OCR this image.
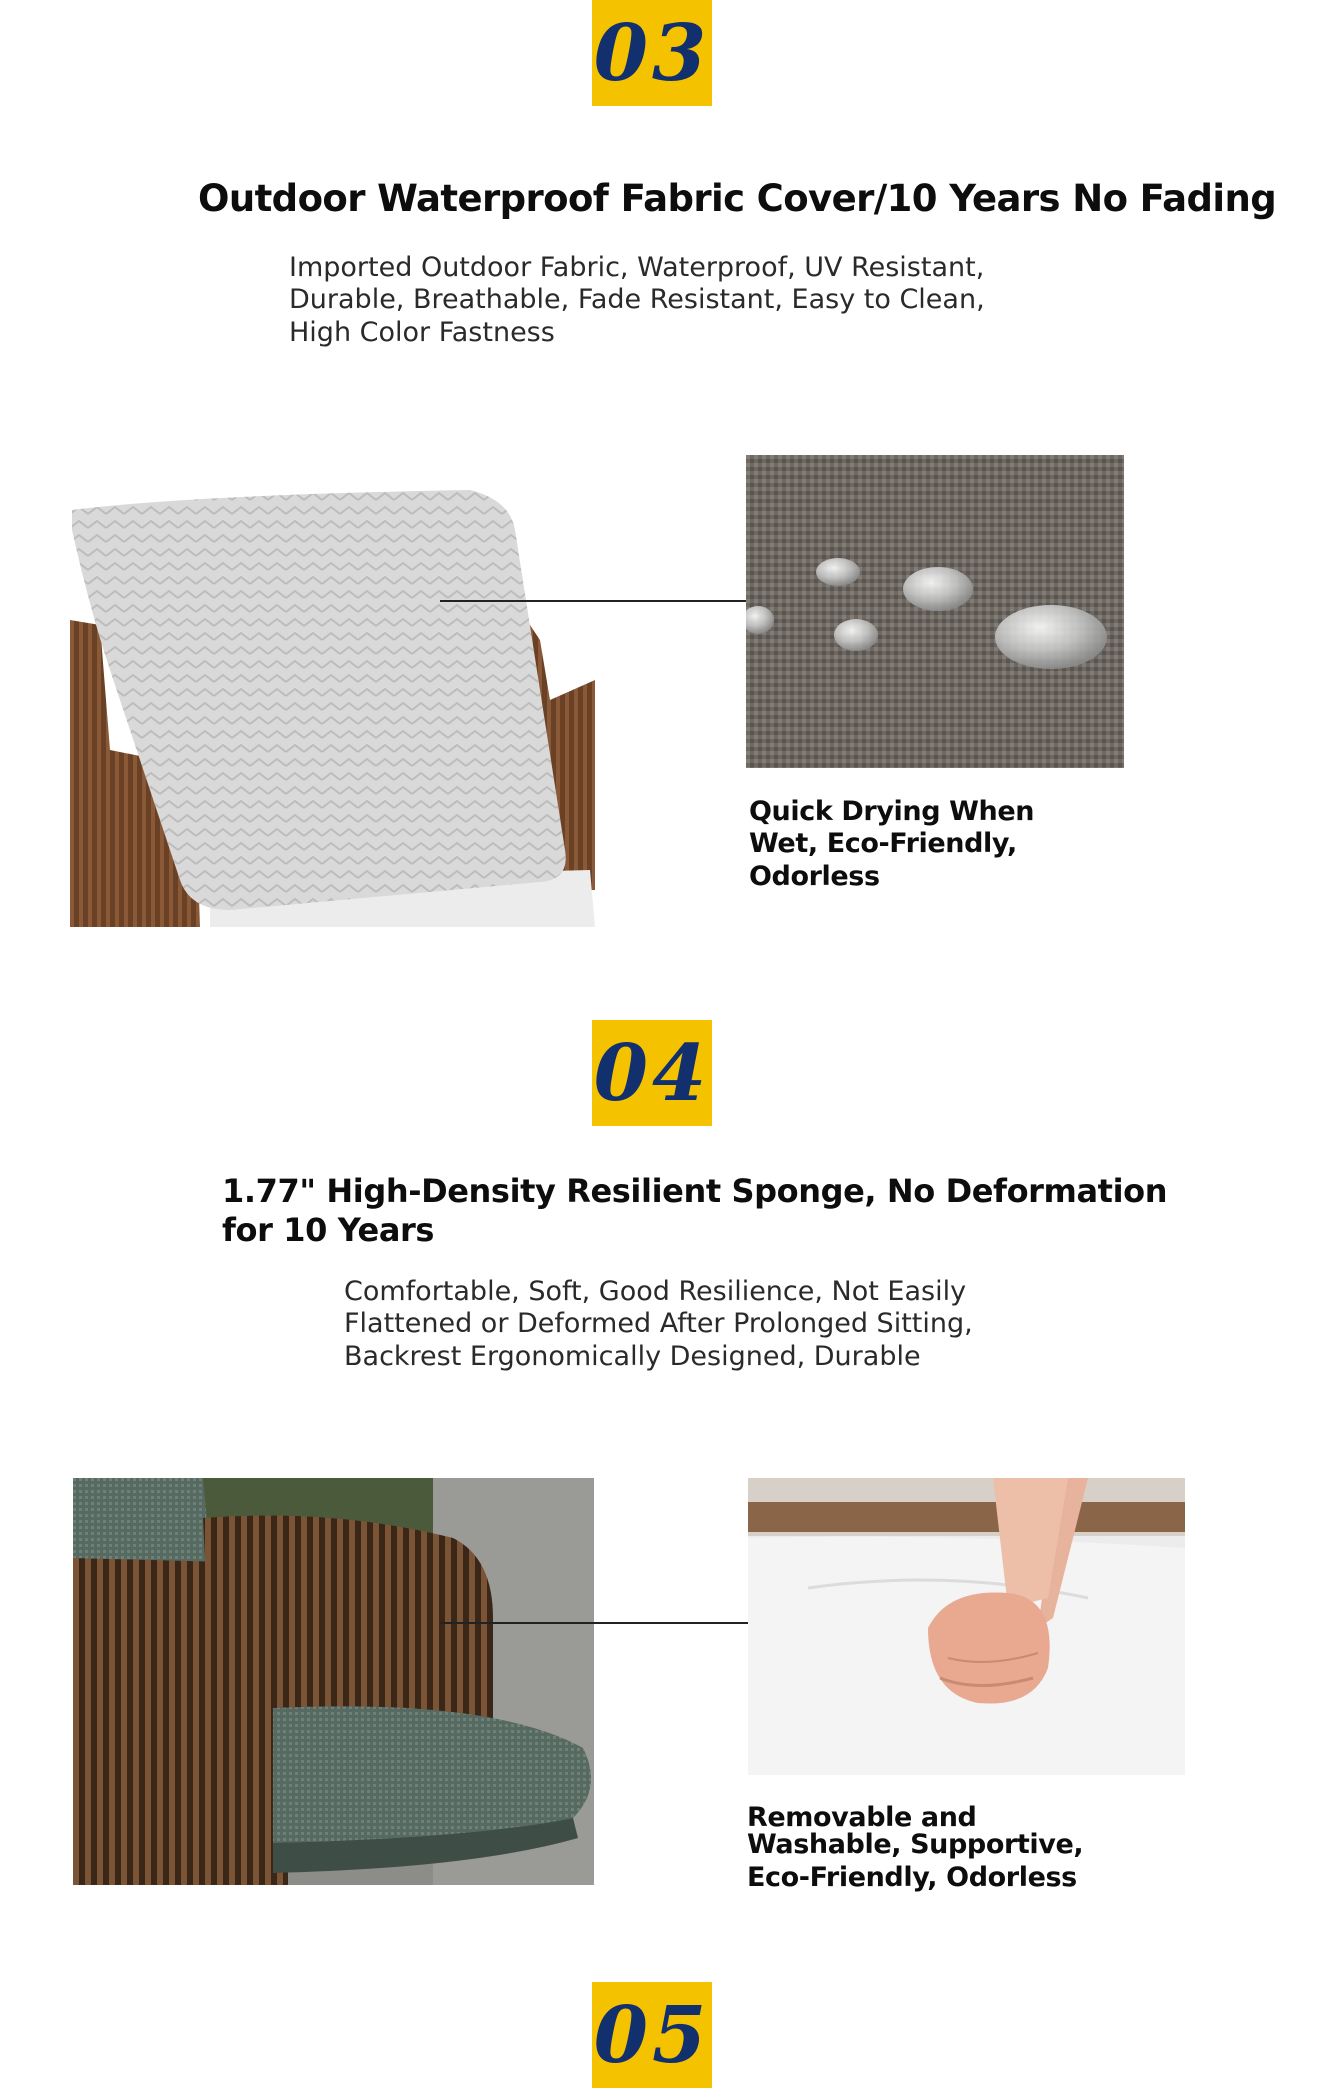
03
Outdoor Waterproof Fabric Cover/10 Years No Fading
Imported Outdoor Fabric, Waterproof, UV Resistant,
Durable, Breathable, Fade Resistant, Easy to Clean,
High Color Fastness
Quick Drying When
Wet, Eco-Friendly,
Odorless
04
1.77" High-Density Resilient Sponge, No Deformation
for 10 Years
Comfortable, Soft, Good Resilience, Not Easily
Flattened or Deformed After Prolonged Sitting,
Backrest Ergonomically Designed, Durable
Removable and
Washable, Supportive,
Eco-Friendly, Odorless
05
